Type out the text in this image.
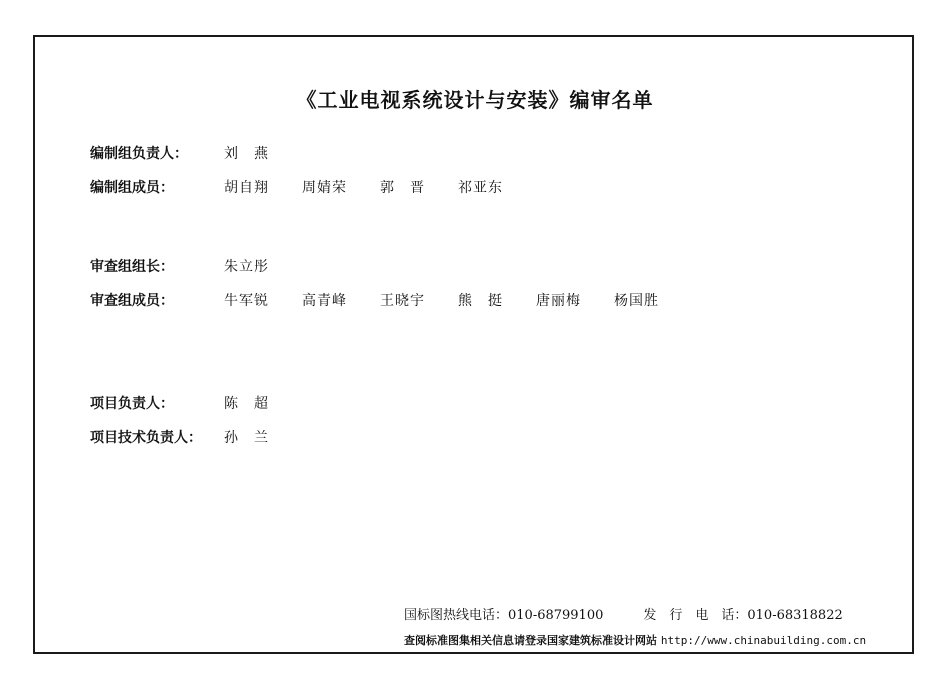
《工业电视系统设计与安装》编审名单
编制组负责人：	刘　燕
编制组成员：	胡自翔	周婧荣	郭　晋	祁亚东
审查组组长：	朱立彤
审查组成员：	牛军锐	高青峰	王晓宇	熊　挺	唐丽梅	杨国胜
项目负责人：	陈　超
项目技术负责人：	孙　兰
国标图热线电话：010-68799100	发　行　电　话：010-68318822
查阅标准图集相关信息请登录国家建筑标准设计网站 http://www.chinabuilding.com.cn
